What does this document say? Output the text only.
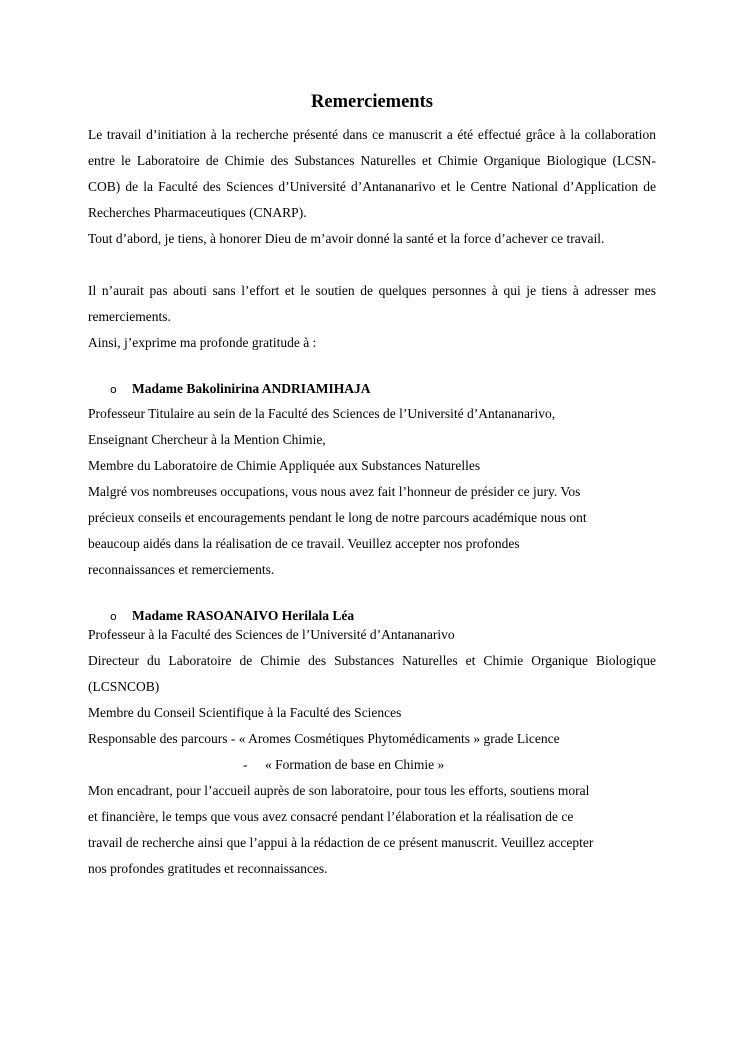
Remerciements

Le travail d’initiation à la recherche présenté dans ce manuscrit a été effectué grâce à la collaboration entre le Laboratoire de Chimie des Substances Naturelles et Chimie Organique Biologique (LCSN-COB) de la Faculté des Sciences d’Université d’Antananarivo et le Centre National d’Application de Recherches Pharmaceutiques (CNARP).

Tout d’abord, je tiens, à honorer Dieu de m’avoir donné la santé et la force d’achever ce travail.

Il n’aurait pas abouti sans l’effort et le soutien de quelques personnes à qui je tiens à adresser mes remerciements.

Ainsi, j’exprime ma profonde gratitude à :

o Madame Bakolinirina ANDRIAMIHAJA
Professeur Titulaire au sein de la Faculté des Sciences de l’Université d’Antananarivo,
Enseignant Chercheur à la Mention Chimie,
Membre du Laboratoire de Chimie Appliquée aux Substances Naturelles
Malgré vos nombreuses occupations, vous nous avez fait l’honneur de présider ce jury. Vos
précieux conseils et encouragements pendant le long de notre parcours académique nous ont
beaucoup aidés dans la réalisation de ce travail. Veuillez accepter nos profondes
reconnaissances et remerciements.
o Madame RASOANAIVO Herilala Léa
Professeur à la Faculté des Sciences de l’Université d’Antananarivo

Directeur du Laboratoire de Chimie des Substances Naturelles et Chimie Organique Biologique (LCSNCOB)

Membre du Conseil Scientifique à la Faculté des Sciences
Responsable des parcours - « Aromes Cosmétiques Phytomédicaments » grade Licence
- « Formation de base en Chimie »
Mon encadrant, pour l’accueil auprès de son laboratoire, pour tous les efforts, soutiens moral
et financière, le temps que vous avez consacré pendant l’élaboration et la réalisation de ce
travail de recherche ainsi que l’appui à la rédaction de ce présent manuscrit. Veuillez accepter
nos profondes gratitudes et reconnaissances.
